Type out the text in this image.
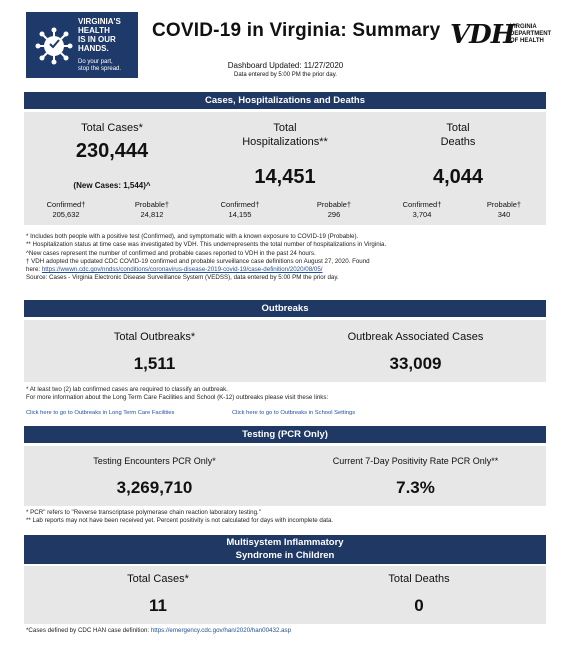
VIRGINIA'S
HEALTH
IS IN OUR
HANDS.
Do your part,
stop the spread.
COVID-19 in Virginia: Summary VDH
VIRGINIA
DEPARTMENT
OF HEALTH
Dashboard Updated: 11/27/2020
Data entered by 5:00 PM the prior day.
Cases, Hospitalizations and Deaths
Total Cases*
230,444
(New Cases: 1,544)^
Total
Hospitalizations**
14,451
Total
Deaths
4,044
Confirmed†
205,632
Probable†
24,812
Confirmed†
14,155
Probable†
296
Confirmed†
3,704
Probable†
340

* Includes both people with a positive test (Confirmed), and symptomatic with a known exposure to COVID-19 (Probable).

** Hospitalization status at time case was investigated by VDH. This underrepresents the total number of hospitalizations in Virginia.

^New cases represent the number of confirmed and probable cases reported to VDH in the past 24 hours.

† VDH adopted the updated CDC COVID-19 confirmed and probable surveillance case definitions on August 27, 2020. Found

here: https://wwwn.cdc.gov/nndss/conditions/coronavirus-disease-2019-covid-19/case-definition/2020/08/05/

Source: Cases - Virginia Electronic Disease Surveillance System (VEDSS), data entered by 5:00 PM the prior day.

Outbreaks
Total Outbreaks*
1,511
Outbreak Associated Cases
33,009

* At least two (2) lab confirmed cases are required to classify an outbreak.

For more information about the Long Term Care Facilities and School (K-12) outbreaks please visit these links:

Click here to go to Outbreaks in Long Term Care Facilities	Click here to go to Outbreaks in School Settings
Testing (PCR Only)
Testing Encounters PCR Only*
3,269,710
Current 7-Day Positivity Rate PCR Only**
7.3%

* PCR" refers to "Reverse transcriptase polymerase chain reaction laboratory testing."

** Lab reports may not have been received yet. Percent positivity is not calculated for days with incomplete data.

Multisystem Inflammatory
Syndrome in Children
Total Cases*
11
Total Deaths
0

*Cases defined by CDC HAN case definition: https://emergency.cdc.gov/han/2020/han00432.asp
